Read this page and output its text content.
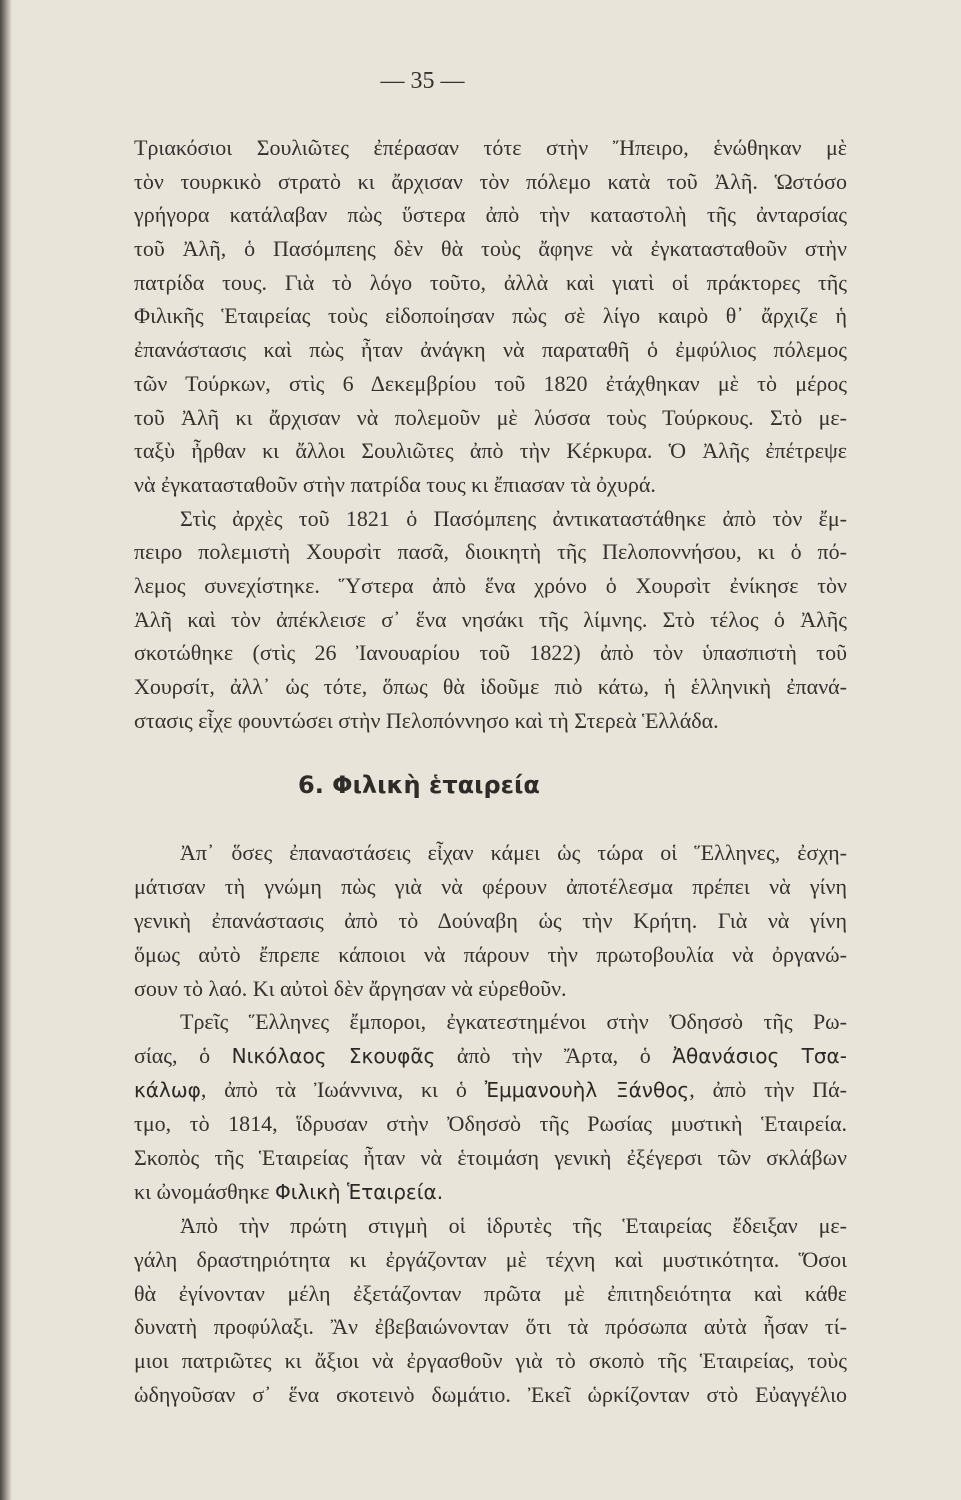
— 35 —
Τριακόσιοι Σουλιῶτες ἐπέρασαν τότε στὴν Ἤπειρο, ἑνώθηκαν μὲ
τὸν τουρκικὸ στρατὸ κι ἄρχισαν τὸν πόλεμο κατὰ τοῦ Ἀλῆ. Ὡστόσο
γρήγορα κατάλαβαν πὼς ὕστερα ἀπὸ τὴν καταστολὴ τῆς ἀνταρσίας
τοῦ Ἀλῆ, ὁ Πασόμπεης δὲν θὰ τοὺς ἄφηνε νὰ ἐγκατασταθοῦν στὴν
πατρίδα τους. Γιὰ τὸ λόγο τοῦτο, ἀλλὰ καὶ γιατὶ οἱ πράκτορες τῆς
Φιλικῆς Ἑταιρείας τοὺς εἰδοποίησαν πὼς σὲ λίγο καιρὸ θ᾿ ἄρχιζε ἡ
ἐπανάστασις καὶ πὼς ἦταν ἀνάγκη νὰ παραταθῆ ὁ ἐμφύλιος πόλεμος
τῶν Τούρκων, στὶς 6 Δεκεμβρίου τοῦ 1820 ἐτάχθηκαν μὲ τὸ μέρος
τοῦ Ἀλῆ κι ἄρχισαν νὰ πολεμοῦν μὲ λύσσα τοὺς Τούρκους. Στὸ με-
ταξὺ ἦρθαν κι ἄλλοι Σουλιῶτες ἀπὸ τὴν Κέρκυρα. Ὁ Ἀλῆς ἐπέτρεψε
νὰ ἐγκατασταθοῦν στὴν πατρίδα τους κι ἔπιασαν τὰ ὀχυρά.
Στὶς ἀρχὲς τοῦ 1821 ὁ Πασόμπεης ἀντικαταστάθηκε ἀπὸ τὸν ἔμ-
πειρο πολεμιστὴ Χουρσὶτ πασᾶ, διοικητὴ τῆς Πελοποννήσου, κι ὁ πό-
λεμος συνεχίστηκε. Ὕστερα ἀπὸ ἕνα χρόνο ὁ Χουρσὶτ ἐνίκησε τὸν
Ἀλῆ καὶ τὸν ἀπέκλεισε σ᾿ ἕνα νησάκι τῆς λίμνης. Στὸ τέλος ὁ Ἀλῆς
σκοτώθηκε (στὶς 26 Ἰανουαρίου τοῦ 1822) ἀπὸ τὸν ὑπασπιστὴ τοῦ
Χουρσίτ, ἀλλ᾿ ὡς τότε, ὅπως θὰ ἰδοῦμε πιὸ κάτω, ἡ ἑλληνικὴ ἐπανά-
στασις εἶχε φουντώσει στὴν Πελοπόννησο καὶ τὴ Στερεὰ Ἑλλάδα.
6. Φιλικὴ ἑταιρεία
Ἀπ᾿ ὅσες ἐπαναστάσεις εἶχαν κάμει ὡς τώρα οἱ Ἕλληνες, ἐσχη-
μάτισαν τὴ γνώμη πὼς γιὰ νὰ φέρουν ἀποτέλεσμα πρέπει νὰ γίνη
γενικὴ ἐπανάστασις ἀπὸ τὸ Δούναβη ὡς τὴν Κρήτη. Γιὰ νὰ γίνη
ὅμως αὐτὸ ἔπρεπε κάποιοι νὰ πάρουν τὴν πρωτοβουλία νὰ ὀργανώ-
σουν τὸ λαό. Κι αὐτοὶ δὲν ἄργησαν νὰ εὑρεθοῦν.
Τρεῖς Ἕλληνες ἔμποροι, ἐγκατεστημένοι στὴν Ὀδησσὸ τῆς Ρω-
σίας, ὁ Νικόλαος Σκουφᾶς ἀπὸ τὴν Ἄρτα, ὁ Ἀθανάσιος Τσα-
κάλωφ, ἀπὸ τὰ Ἰωάννινα, κι ὁ Ἐμμανουὴλ Ξάνθος, ἀπὸ τὴν Πά-
τμο, τὸ 1814, ἵδρυσαν στὴν Ὀδησσὸ τῆς Ρωσίας μυστικὴ Ἑταιρεία.
Σκοπὸς τῆς Ἑταιρείας ἦταν νὰ ἑτοιμάση γενικὴ ἐξέγερσι τῶν σκλάβων
κι ὠνομάσθηκε Φιλικὴ Ἑταιρεία.
Ἀπὸ τὴν πρώτη στιγμὴ οἱ ἱδρυτὲς τῆς Ἑταιρείας ἔδειξαν με-
γάλη δραστηριότητα κι ἐργάζονταν μὲ τέχνη καὶ μυστικότητα. Ὅσοι
θὰ ἐγίνονταν μέλη ἐξετάζονταν πρῶτα μὲ ἐπιτηδειότητα καὶ κάθε
δυνατὴ προφύλαξι. Ἂν ἐβεβαιώνονταν ὅτι τὰ πρόσωπα αὐτὰ ἦσαν τί-
μιοι πατριῶτες κι ἄξιοι νὰ ἐργασθοῦν γιὰ τὸ σκοπὸ τῆς Ἑταιρείας, τοὺς
ὡδηγοῦσαν σ᾿ ἕνα σκοτεινὸ δωμάτιο. Ἐκεῖ ὡρκίζονταν στὸ Εὐαγγέλιο
